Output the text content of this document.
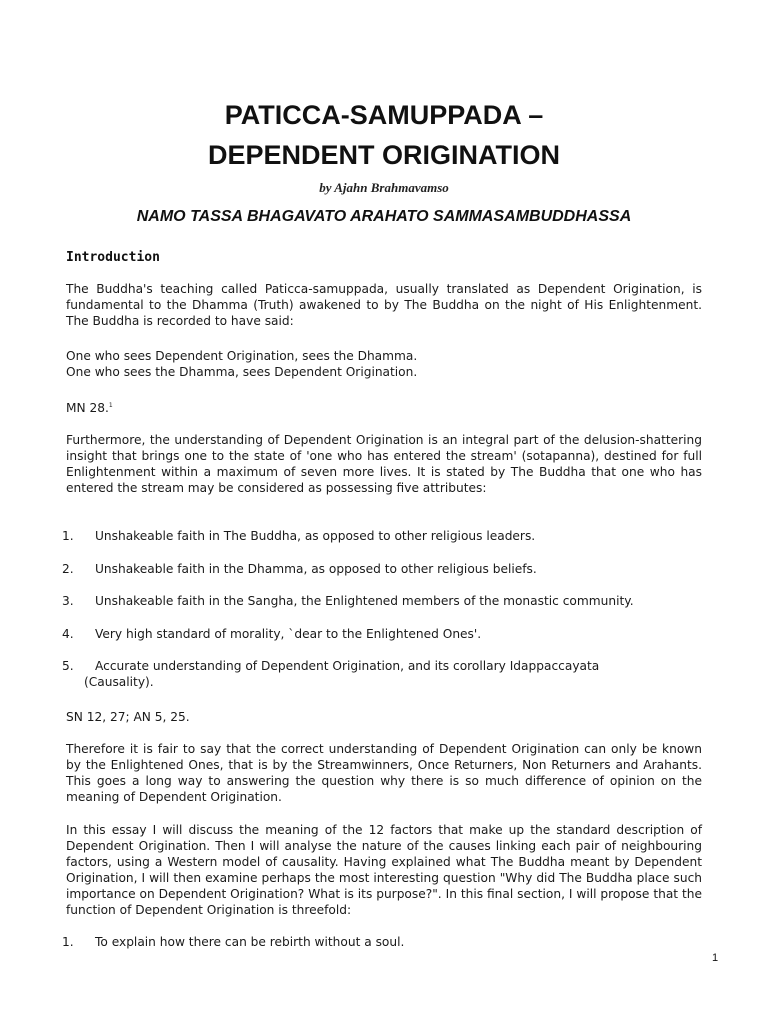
PATICCA-SAMUPPADA –
DEPENDENT ORIGINATION
by Ajahn Brahmavamso
NAMO TASSA BHAGAVATO ARAHATO SAMMASAMBUDDHASSA
Introduction

The Buddha's teaching called Paticca-samuppada, usually translated as Dependent Origination, is fundamental to the Dhamma (Truth) awakened to by The Buddha on the night of His Enlightenment. The Buddha is recorded to have said:

One who sees Dependent Origination, sees the Dhamma.

One who sees the Dhamma, sees Dependent Origination.

MN 28.$^1$

Furthermore, the understanding of Dependent Origination is an integral part of the delusion-shattering insight that brings one to the state of 'one who has entered the stream' (sotapanna), destined for full Enlightenment within a maximum of seven more lives. It is stated by The Buddha that one who has entered the stream may be considered as possessing five attributes:

1. Unshakeable faith in The Buddha, as opposed to other religious leaders.

2. Unshakeable faith in the Dhamma, as opposed to other religious beliefs.

3. Unshakeable faith in the Sangha, the Enlightened members of the monastic community.

4. Very high standard of morality, `dear to the Enlightened Ones'.

5. Accurate understanding of Dependent Origination, and its corollary Idappaccayata
(Causality).

SN 12, 27; AN 5, 25.

Therefore it is fair to say that the correct understanding of Dependent Origination can only be known by the Enlightened Ones, that is by the Streamwinners, Once Returners, Non Returners and Arahants. This goes a long way to answering the question why there is so much difference of opinion on the meaning of Dependent Origination.

In this essay I will discuss the meaning of the 12 factors that make up the standard description of Dependent Origination. Then I will analyse the nature of the causes linking each pair of neighbouring factors, using a Western model of causality. Having explained what The Buddha meant by Dependent Origination, I will then examine perhaps the most interesting question "Why did The Buddha place such importance on Dependent Origination? What is its purpose?". In this final section, I will propose that the function of Dependent Origination is threefold:

1. To explain how there can be rebirth without a soul.

1
